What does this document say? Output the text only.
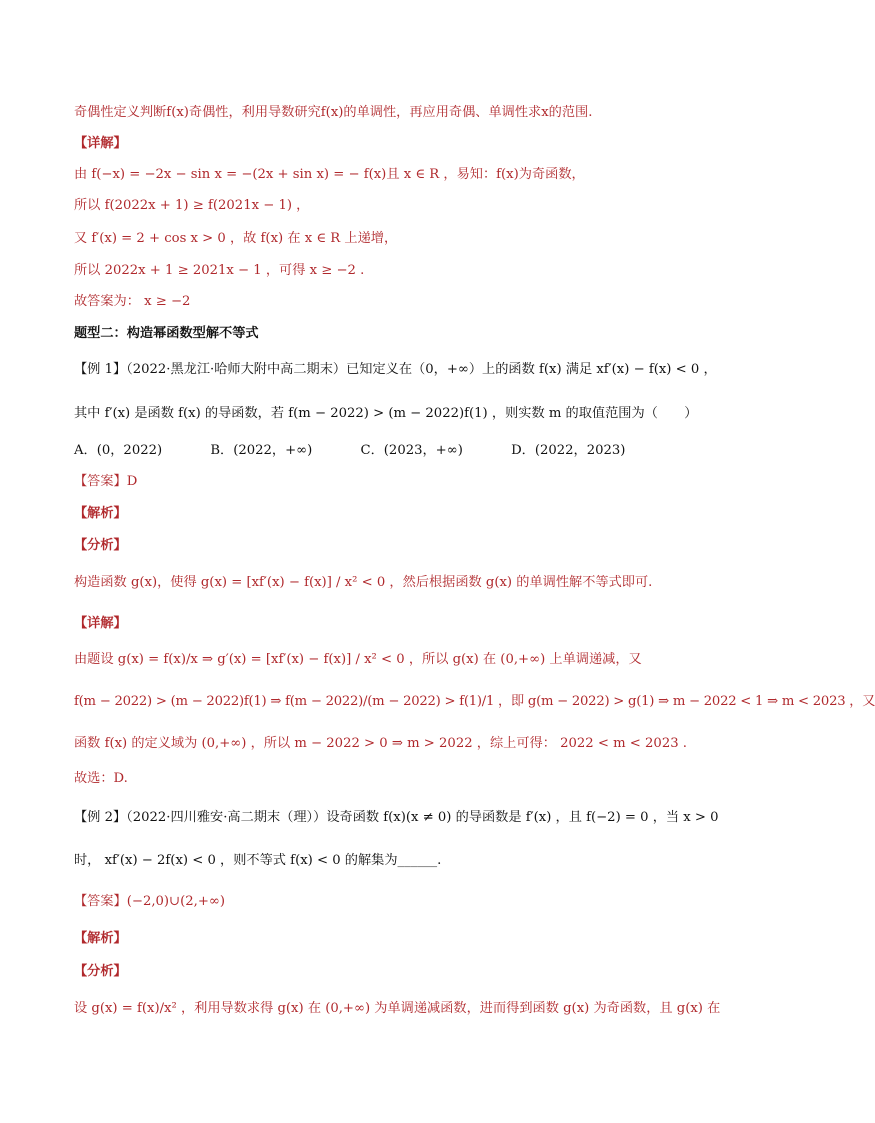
奇偶性定义判断f(x)奇偶性，利用导数研究f(x)的单调性，再应用奇偶、单调性求x的范围.
【详解】
由 f(−x) = −2x − sin x = −(2x + sin x) = − f(x)且 x ∈ R ，易知：f(x)为奇函数，
所以 f(2022x + 1) ≥ f(2021x − 1) ，
又 f′(x) = 2 + cos x > 0 ，故 f(x) 在 x ∈ R 上递增，
所以 2022x + 1 ≥ 2021x − 1 ，可得 x ≥ −2 .
故答案为： x ≥ −2
题型二：构造幂函数型解不等式
【例 1】（2022·黑龙江·哈师大附中高二期末）已知定义在（0，+∞）上的函数 f(x) 满足 xf′(x) − f(x) < 0 ，
其中 f′(x) 是函数 f(x) 的导函数，若 f(m − 2022) > (m − 2022)f(1) ，则实数 m 的取值范围为（　　）
A．(0，2022)	B．(2022，+∞)	C．(2023，+∞)	D．(2022，2023)
【答案】D
【解析】
【分析】
构造函数 g(x)，使得 g(x) = [xf′(x) − f(x)] / x² < 0 ，然后根据函数 g(x) 的单调性解不等式即可.
【详解】
由题设 g(x) = f(x)/x ⇒ g′(x) = [xf′(x) − f(x)] / x² < 0 ，所以 g(x) 在 (0,+∞) 上单调递减，又
f(m − 2022) > (m − 2022)f(1) ⇒ f(m − 2022)/(m − 2022) > f(1)/1 ，即 g(m − 2022) > g(1) ⇒ m − 2022 < 1 ⇒ m < 2023 ，又
函数 f(x) 的定义域为 (0,+∞) ，所以 m − 2022 > 0 ⇒ m > 2022 ，综上可得： 2022 < m < 2023 .
故选：D.
【例 2】（2022·四川雅安·高二期末（理））设奇函数 f(x)(x ≠ 0) 的导函数是 f′(x) ，且 f(−2) = 0 ，当 x > 0
时， xf′(x) − 2f(x) < 0 ，则不等式 f(x) < 0 的解集为______.
【答案】(−2,0)∪(2,+∞)
【解析】
【分析】
设 g(x) = f(x)/x² ，利用导数求得 g(x) 在 (0,+∞) 为单调递减函数，进而得到函数 g(x) 为奇函数，且 g(x) 在
